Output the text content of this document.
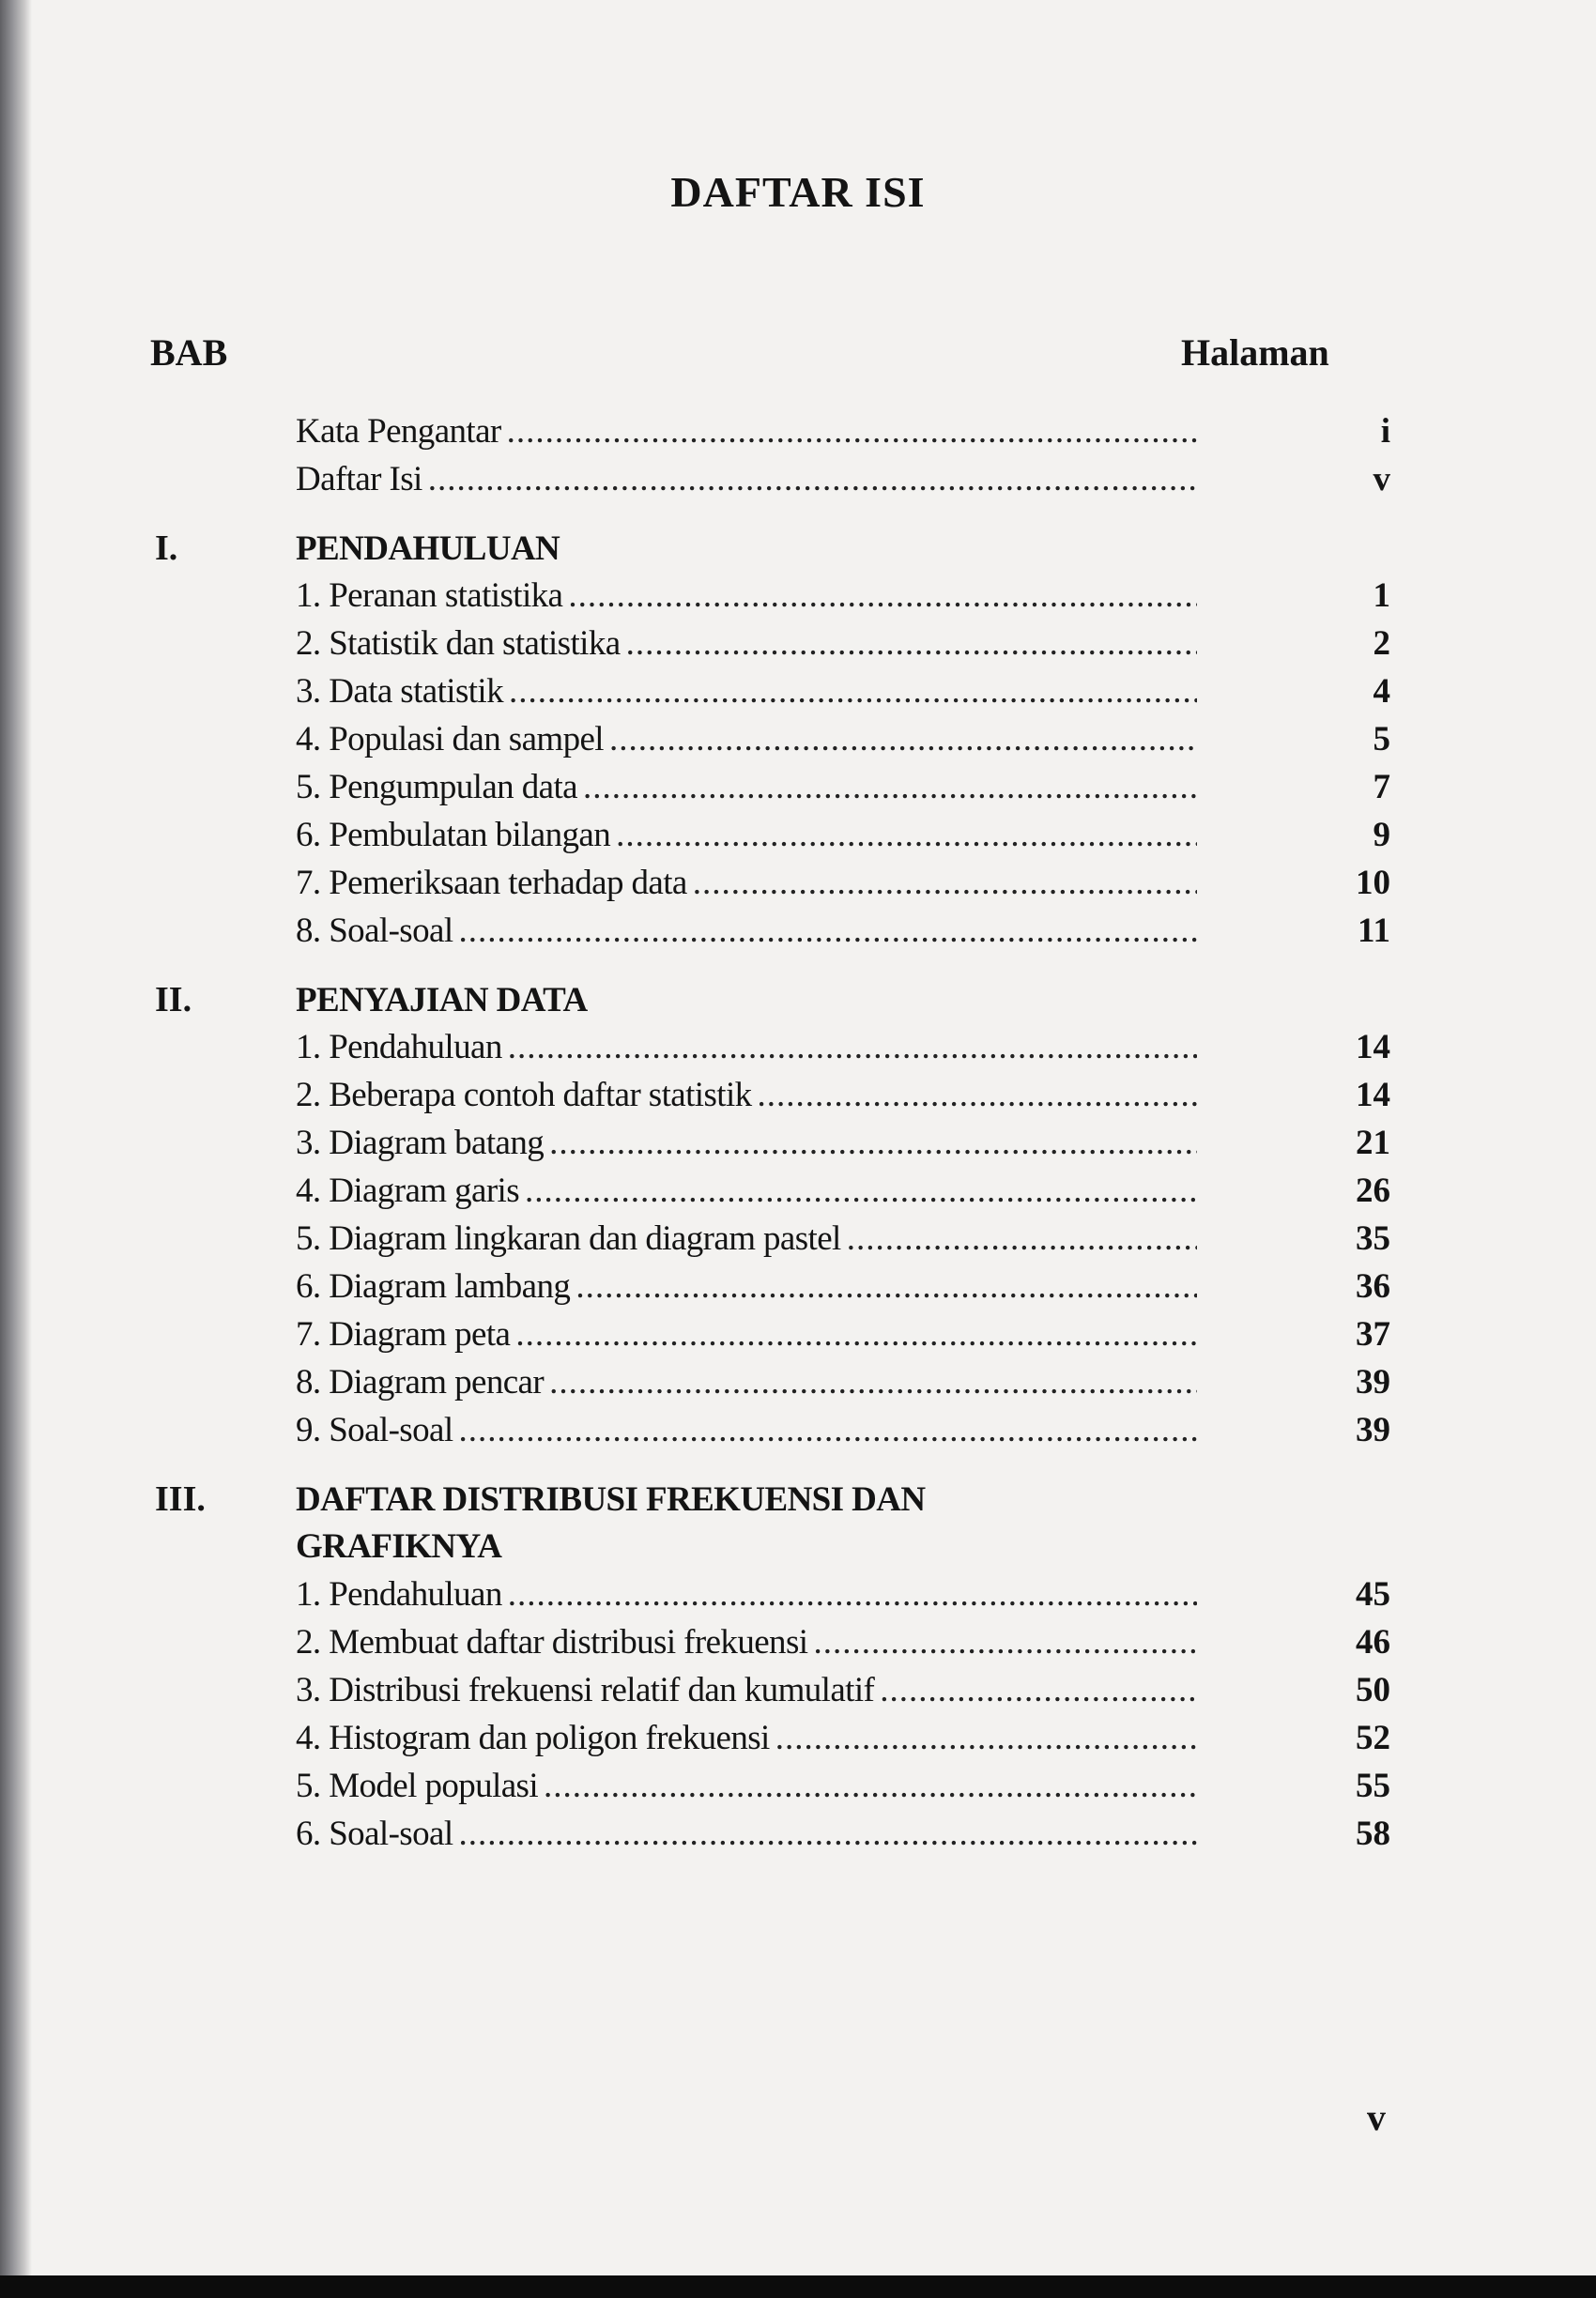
DAFTAR ISI
BAB	Halaman
Kata Pengantar .....	i
Daftar Isi .....	v
I.	PENDAHULUAN
1. Peranan statistika .....	1
2. Statistik dan statistika .....	2
3. Data statistik .....	4
4. Populasi dan sampel .....	5
5. Pengumpulan data .....	7
6. Pembulatan bilangan .....	9
7. Pemeriksaan terhadap data .....	10
8. Soal-soal .....	11
II.	PENYAJIAN DATA
1. Pendahuluan .....	14
2. Beberapa contoh daftar statistik .....	14
3. Diagram batang .....	21
4. Diagram garis .....	26
5. Diagram lingkaran dan diagram pastel .....	35
6. Diagram lambang .....	36
7. Diagram peta .....	37
8. Diagram pencar .....	39
9. Soal-soal .....	39
III.	DAFTAR DISTRIBUSI FREKUENSI DAN
GRAFIKNYA
1. Pendahuluan .....	45
2. Membuat daftar distribusi frekuensi .....	46
3. Distribusi frekuensi relatif dan kumulatif .....	50
4. Histogram dan poligon frekuensi .....	52
5. Model populasi .....	55
6. Soal-soal .....	58
v
